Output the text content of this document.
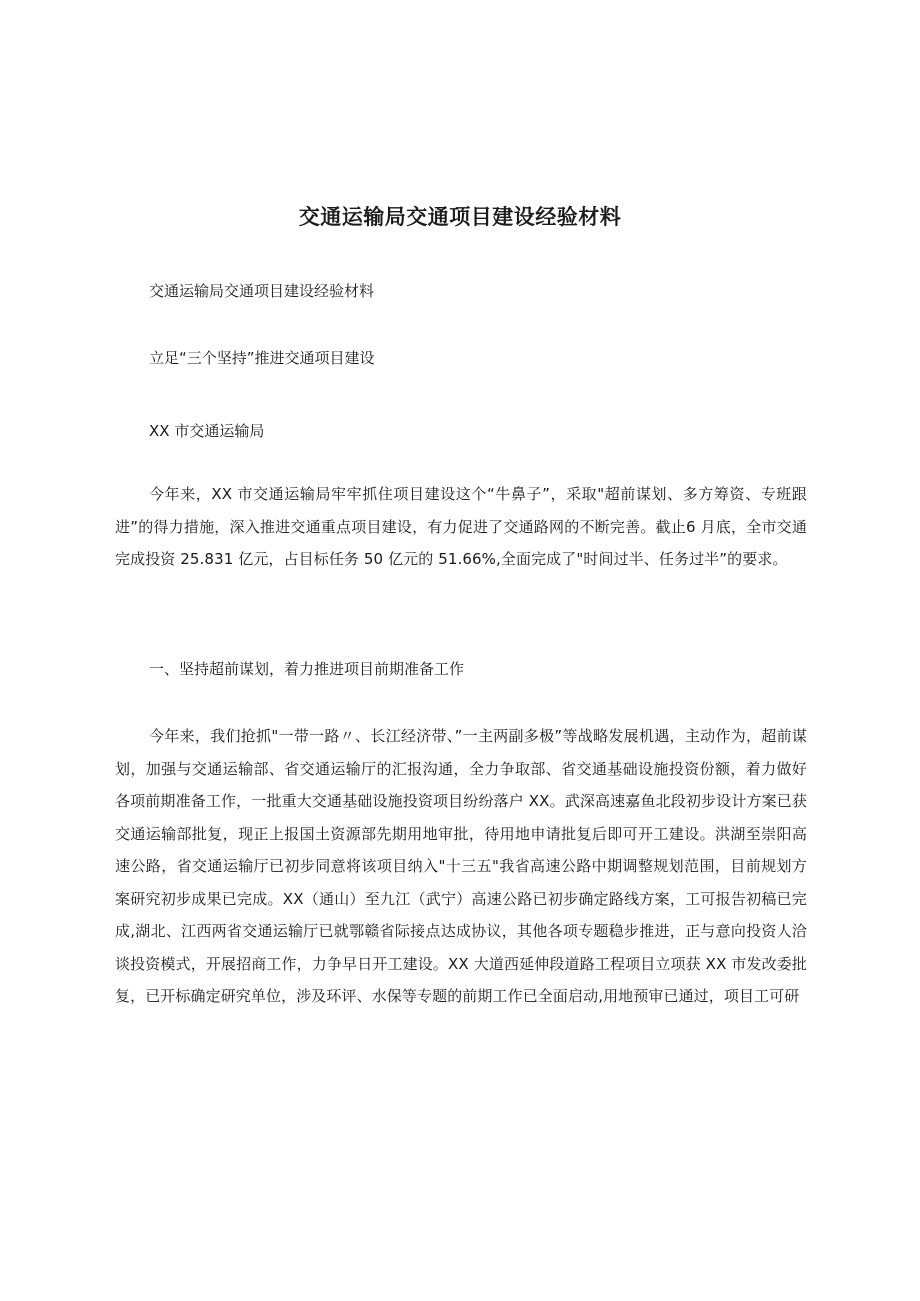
交通运输局交通项目建设经验材料
交通运输局交通项目建设经验材料
立足“三个坚持”推进交通项目建设
XX 市交通运输局
今年来，XX 市交通运输局牢牢抓住项目建设这个“牛鼻子”，采取"超前谋划、多方筹资、专班跟进”的得力措施，深入推进交通重点项目建设，有力促进了交通路网的不断完善。截止6 月底，全市交通完成投资 25.831 亿元，占目标任务 50 亿元的 51.66%,全面完成了"时间过半、任务过半”的要求。
一、坚持超前谋划，着力推进项目前期准备工作
今年来，我们抢抓"一带一路〃、长江经济带、”一主两副多极”等战略发展机遇，主动作为，超前谋划，加强与交通运输部、省交通运输厅的汇报沟通，全力争取部、省交通基础设施投资份额，着力做好各项前期准备工作，一批重大交通基础设施投资项目纷纷落户 XX。武深高速嘉鱼北段初步设计方案已获交通运输部批复，现正上报国土资源部先期用地审批，待用地申请批复后即可开工建设。洪湖至崇阳高速公路，省交通运输厅已初步同意将该项目纳入"十三五"我省高速公路中期调整规划范围，目前规划方案研究初步成果已完成。XX（通山）至九江（武宁）高速公路已初步确定路线方案，工可报告初稿已完成,湖北、江西两省交通运输厅已就鄂赣省际接点达成协议，其他各项专题稳步推进，正与意向投资人洽谈投资模式，开展招商工作，力争早日开工建设。XX 大道西延伸段道路工程项目立项获 XX 市发改委批复，已开标确定研究单位，涉及环评、水保等专题的前期工作已全面启动,用地预审已通过，项目工可研
